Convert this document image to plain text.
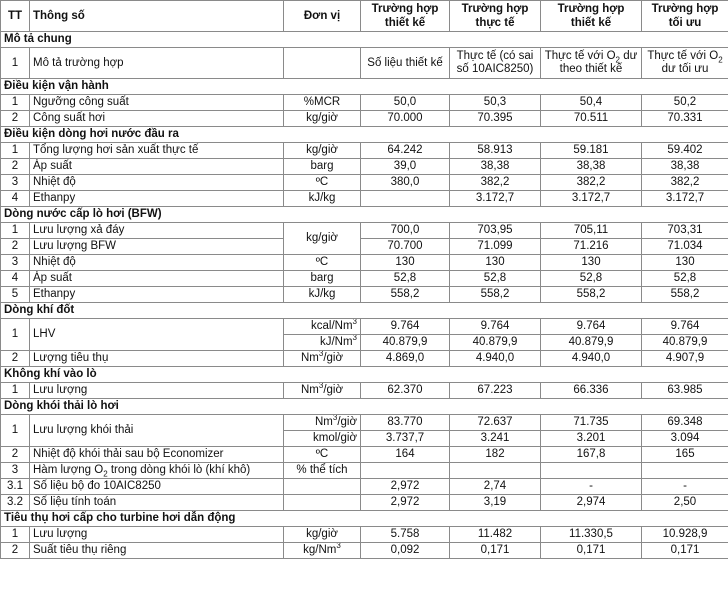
TT	Thông số	Đơn vị	Trường hợp thiết kế	Trường hợp thực tế	Trường hợp thiết kế	Trường hợp tối ưu
Mô tả chung						
1	Mô tả trường hợp		Số liệu thiết kế	Thực tế (có sai số 10AIC8250)	Thực tế với $O_2$ dư theo thiết kế	Thực tế với $O_2$ dư tối ưu
Điều kiện vận hành						
1	Ngưỡng công suất	%MCR	50,0	50,3	50,4	50,2
2	Công suất hơi	kg/giờ	70.000	70.395	70.511	70.331
Điều kiện dòng hơi nước đầu ra						
1	Tổng lượng hơi sản xuất thực tế	kg/giờ	64.242	58.913	59.181	59.402
2	Áp suất	barg	39,0	38,38	38,38	38,38
3	Nhiệt độ	ºC	380,0	382,2	382,2	382,2
4	Ethanpy	kJ/kg		3.172,7	3.172,7	3.172,7
Dòng nước cấp lò hơi (BFW)						
1	Lưu lượng xả đáy	kg/giờ	700,0	703,95	705,11	703,31
2	Lưu lượng BFW		70.700	71.099	71.216	71.034
3	Nhiệt độ	ºC	130	130	130	130
4	Áp suất	barg	52,8	52,8	52,8	52,8
5	Ethanpy	kJ/kg	558,2	558,2	558,2	558,2
Dòng khí đốt						
1	LHV	kcal/Nm$^3$	9.764	9.764	9.764	9.764
		kJ/Nm$^3$	40.879,9	40.879,9	40.879,9	40.879,9
2	Lượng tiêu thụ	Nm$^3$/giờ	4.869,0	4.940,0	4.940,0	4.907,9
Không khí vào lò						
1	Lưu lượng	Nm$^3$/giờ	62.370	67.223	66.336	63.985
Dòng khói thải lò hơi						
1	Lưu lượng khói thải	Nm$^3$/giờ	83.770	72.637	71.735	69.348
		kmol/giờ	3.737,7	3.241	3.201	3.094
2	Nhiệt độ khói thải sau bộ Economizer	ºC	164	182	167,8	165
3	Hàm lượng $O_2$ trong dòng khói lò (khí khô)	% thể tích				
3.1	Số liệu bộ đo 10AIC8250		2,972	2,74	-	-
3.2	Số liệu tính toán		2,972	3,19	2,974	2,50
Tiêu thụ hơi cấp cho turbine hơi dẫn động						
1	Lưu lượng	kg/giờ	5.758	11.482	11.330,5	10.928,9
2	Suất tiêu thụ riêng	kg/Nm$^3$	0,092	0,171	0,171	0,171
